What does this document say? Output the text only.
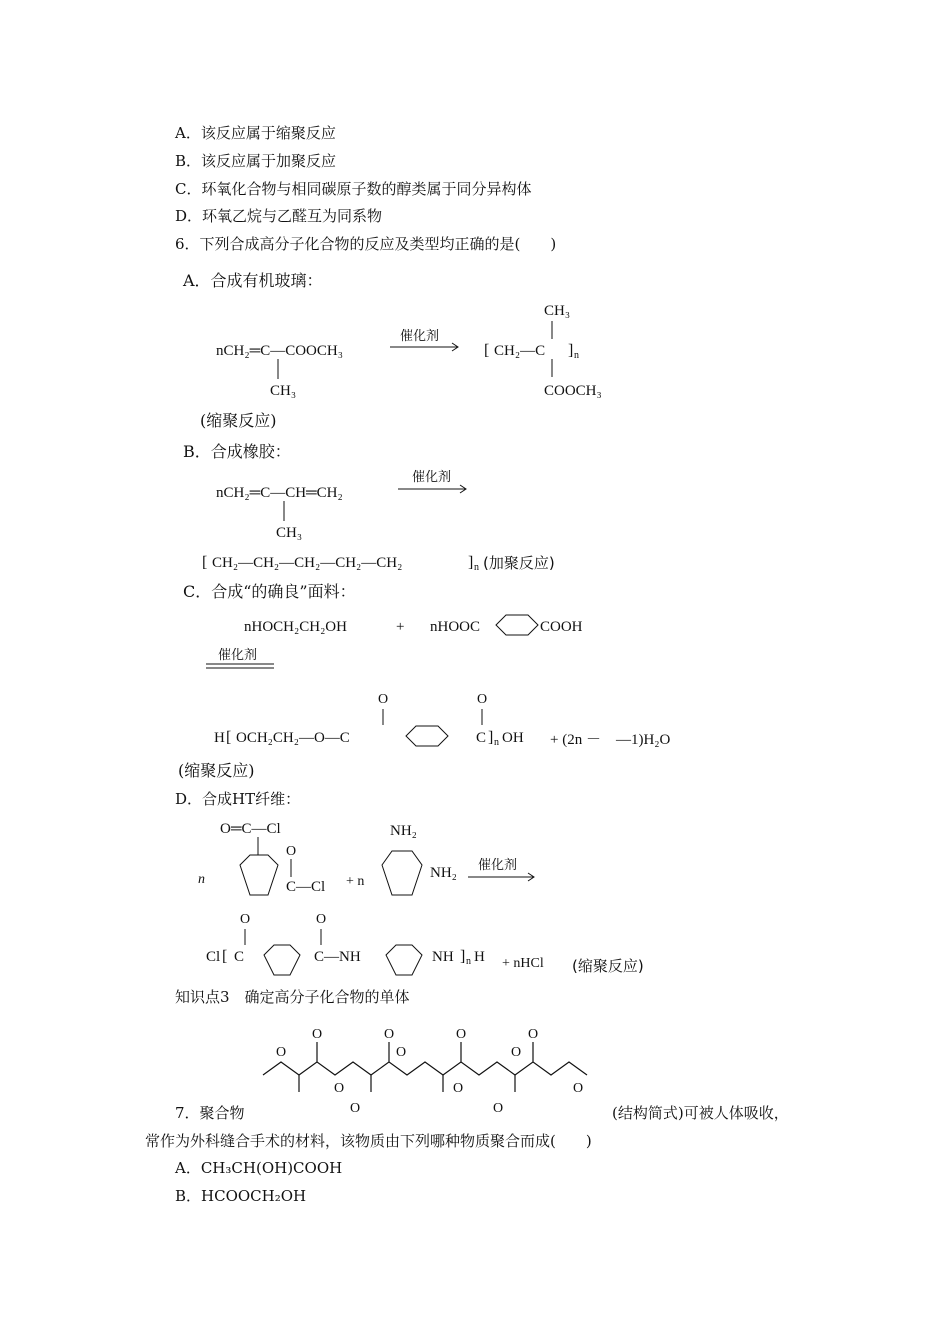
A．该反应属于缩聚反应
B．该反应属于加聚反应
C．环氧化合物与相同碳原子数的醇类属于同分异构体
D．环氧乙烷与乙醛互为同系物
6．下列合成高分子化合物的反应及类型均正确的是(　　)
A．合成有机玻璃：
nCH₂═C—COOCH₃
CH₃
催化剂
[ CH₂—C ] n
CH₃
COOCH₃
(缩聚反应)
B．合成橡胶：
nCH₂═C—CH═CH₂
CH₃
催化剂
[ CH₂—CH₂—CH₂—CH₂—CH₂	] n (加聚反应)
C．合成“的确良”面料：
nHOCH₂CH₂OH	+ nHOOC	COOH
催化剂
O	O
H [ OCH₂CH₂—O—C	C ] n OH + (2n －　—1)H₂O
(缩聚反应)
D．合成HT纤维：
n
O═C—Cl
O
C—Cl + n
NH₂
NH₂ 催化剂
O	O
Cl [ C	C—NH	NH ] n H + nHCl (缩聚反应)
知识点3　确定高分子化合物的单体
O
O
O
O
O
O	O
O
O
O
O
O
7．聚合物	(结构简式)可被人体吸收，
常作为外科缝合手术的材料，该物质由下列哪种物质聚合而成(　　)
A．CH₃CH(OH)COOH
B．HCOOCH₂OH
